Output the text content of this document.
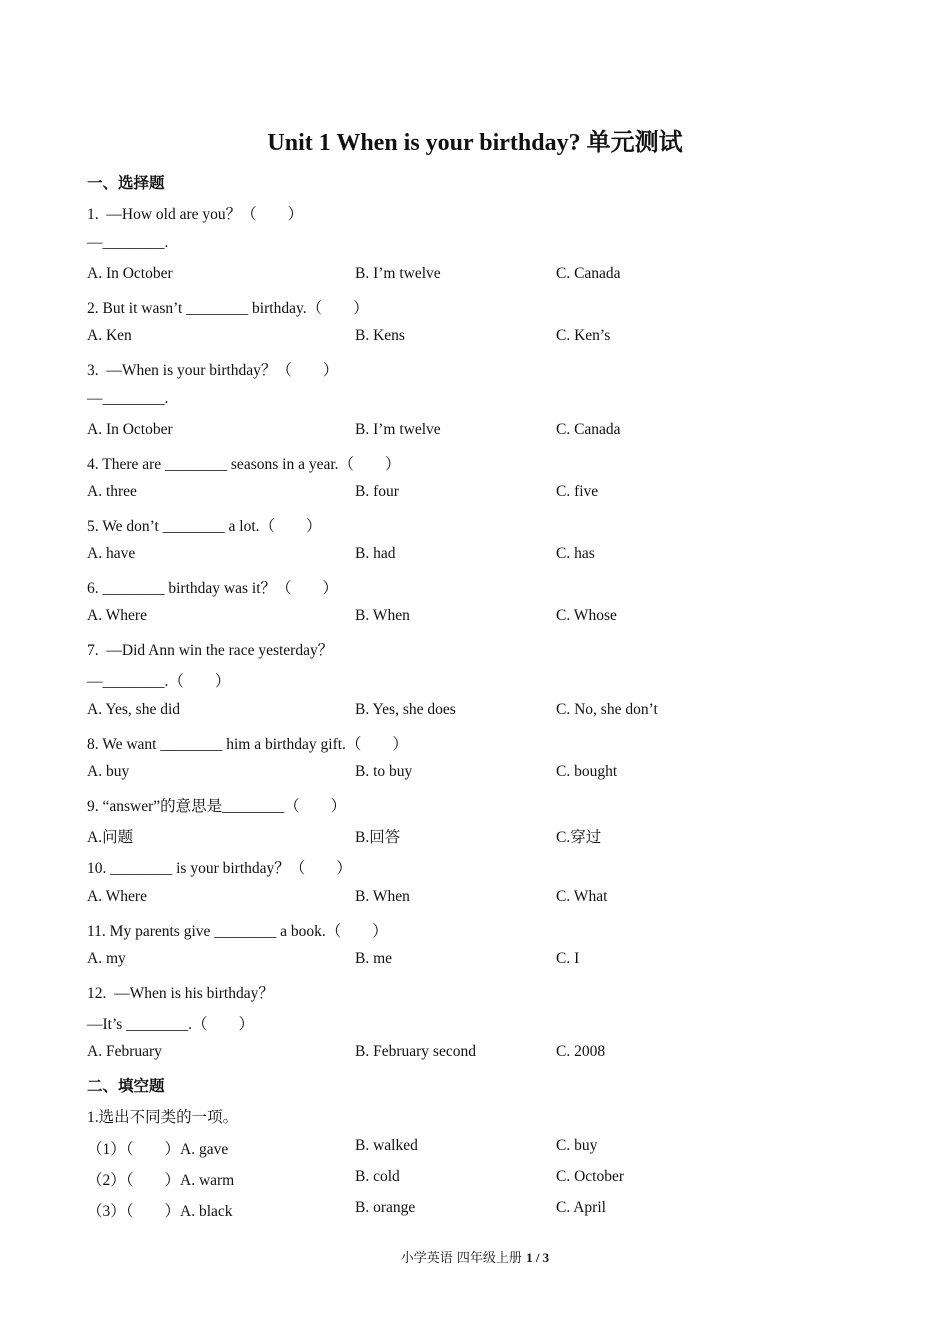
Unit 1 When is your birthday? 单元测试
一、选择题
1.  —How old are you？（　　）
—________.
A. In October	B. I’m twelve	C. Canada
2. But it wasn’t ________ birthday.（　　）
A. Ken	B. Kens	C. Ken’s
3.  —When is your birthday？（　　）
—________.
A. In October	B. I’m twelve	C. Canada
4. There are ________ seasons in a year.（　　）
A. three	B. four	C. five
5. We don’t ________ a lot.（　　）
A. have	B. had	C. has
6. ________ birthday was it？（　　）
A. Where	B. When	C. Whose
7.  —Did Ann win the race yesterday？
—________.（　　）
A. Yes, she did	B. Yes, she does	C. No, she don’t
8. We want ________ him a birthday gift.（　　）
A. buy	B. to buy	C. bought
9. “answer”的意思是________（　　）
A.问题	B.回答	C.穿过
10. ________ is your birthday？（　　）
A. Where	B. When	C. What
11. My parents give ________ a book.（　　）
A. my	B. me	C. I
12.  —When is his birthday？
—It’s ________.（　　）
A. February	B. February second	C. 2008
二、填空题
1.选出不同类的一项。
（1）（　　）A. gave	B. walked	C. buy
（2）（　　）A. warm	B. cold	C. October
（3）（　　）A. black	B. orange	C. April
小学英语 四年级上册 1 / 3
